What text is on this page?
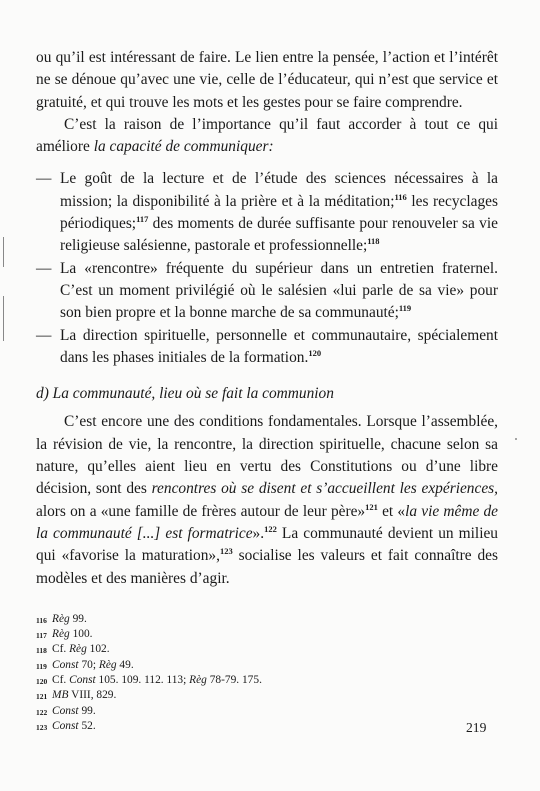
ou qu’il est intéressant de faire. Le lien entre la pensée, l’action et l’intérêt ne se dénoue qu’avec une vie, celle de l’éducateur, qui n’est que service et gratuité, et qui trouve les mots et les gestes pour se faire comprendre.

C’est la raison de l’importance qu’il faut accorder à tout ce qui améliore la capacité de communiquer:

— Le goût de la lecture et de l’étude des sciences nécessaires à la mission; la disponibilité à la prière et à la méditation;$^{116}$ les recyclages périodiques;$^{117}$ des moments de durée suffisante pour renouveler sa vie religieuse salésienne, pastorale et professionnelle;$^{118}$
— La «rencontre» fréquente du supérieur dans un entretien fraternel. C’est un moment privilégié où le salésien «lui parle de sa vie» pour son bien propre et la bonne marche de sa communauté;$^{119}$
— La direction spirituelle, personnelle et communautaire, spécialement dans les phases initiales de la formation.$^{120}$
d) La communauté, lieu où se fait la communion

C’est encore une des conditions fondamentales. Lorsque l’assemblée, la révision de vie, la rencontre, la direction spirituelle, chacune selon sa nature, qu’elles aient lieu en vertu des Constitutions ou d’une libre décision, sont des rencontres où se disent et s’accueillent les expériences, alors on a «une famille de frères autour de leur père»$^{121}$ et «la vie même de la communauté [...] est formatrice».$^{122}$ La communauté devient un milieu qui «favorise la maturation»,$^{123}$ socialise les valeurs et fait connaître des modèles et des manières d’agir.

116 Règ 99.
117 Règ 100.
118 Cf. Règ 102.
119 Const 70; Règ 49.
120 Cf. Const 105. 109. 112. 113; Règ 78-79. 175.
121 MB VIII, 829.
122 Const 99.
123 Const 52.	219
